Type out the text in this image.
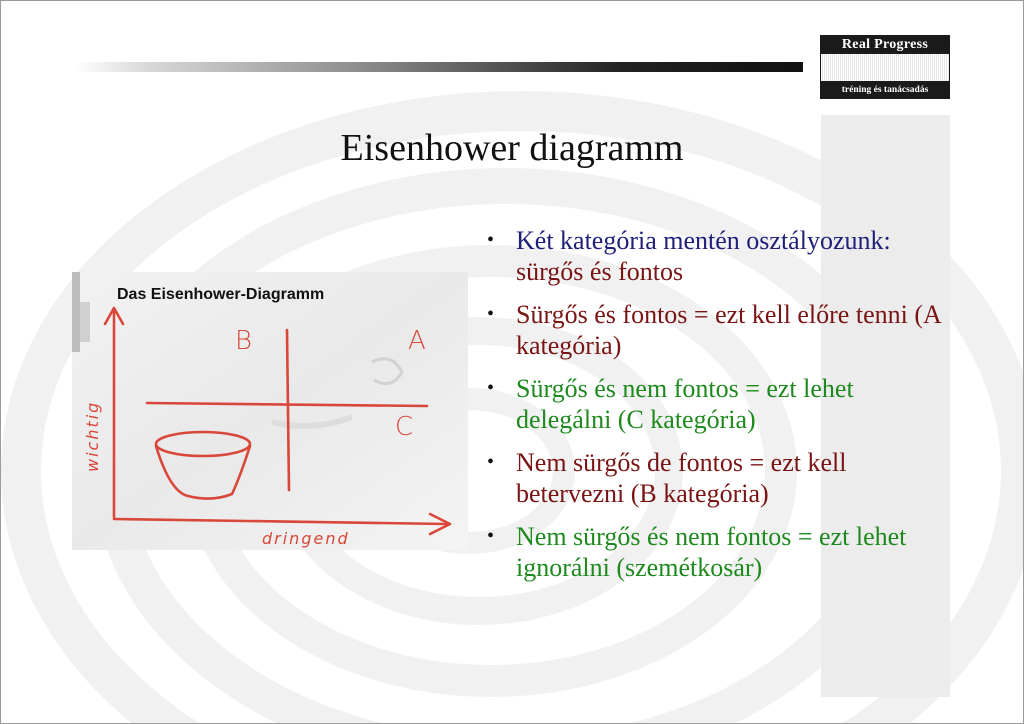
Real Progress
tréning és tanácsadás
Eisenhower diagramm
Das Eisenhower-Diagramm
B	A
C
dringend
wichtig
• Két kategória mentén osztályozunk: sürgős és fontos
• Sürgős és fontos = ezt kell előre tenni (A kategória)
• Sürgős és nem fontos = ezt lehet delegálni (C kategória)
• Nem sürgős de fontos = ezt kell betervezni (B kategória)
• Nem sürgős és nem fontos = ezt lehet ignorálni (szemétkosár)
